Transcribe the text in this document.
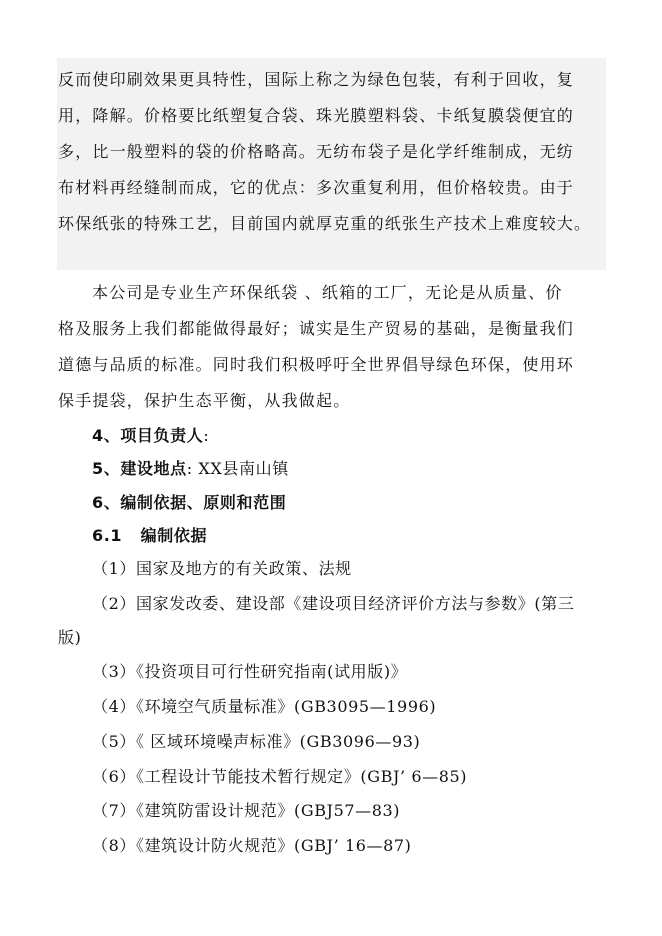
反而使印刷效果更具特性，国际上称之为绿色包装，有利于回收，复
用，降解。价格要比纸塑复合袋、珠光膜塑料袋、卡纸复膜袋便宜的
多，比一般塑料的袋的价格略高。无纺布袋子是化学纤维制成，无纺
布材料再经缝制而成，它的优点：多次重复利用，但价格较贵。由于
环保纸张的特殊工艺，目前国内就厚克重的纸张生产技术上难度较大。
本公司是专业生产环保纸袋 、纸箱的工厂，无论是从质量、价
格及服务上我们都能做得最好；诚实是生产贸易的基础，是衡量我们
道德与品质的标准。同时我们积极呼吁全世界倡导绿色环保，使用环
保手提袋，保护生态平衡，从我做起。
4、项目负责人:
5、建设地点: XX县南山镇
6、编制依据、原则和范围
6.1   编制依据
（1）国家及地方的有关政策、法规
（2）国家发改委、建设部《建设项目经济评价方法与参数》(第三
版)
（3）《投资项目可行性研究指南(试用版)》
（4）《环境空气质量标准》(GB3095—1996)
（5）《 区域环境噪声标准》(GB3096—93)
（6）《工程设计节能技术暂行规定》(GBJ’ 6—85)
（7）《建筑防雷设计规范》(GBJ57—83)
（8）《建筑设计防火规范》(GBJ’ 16—87)
